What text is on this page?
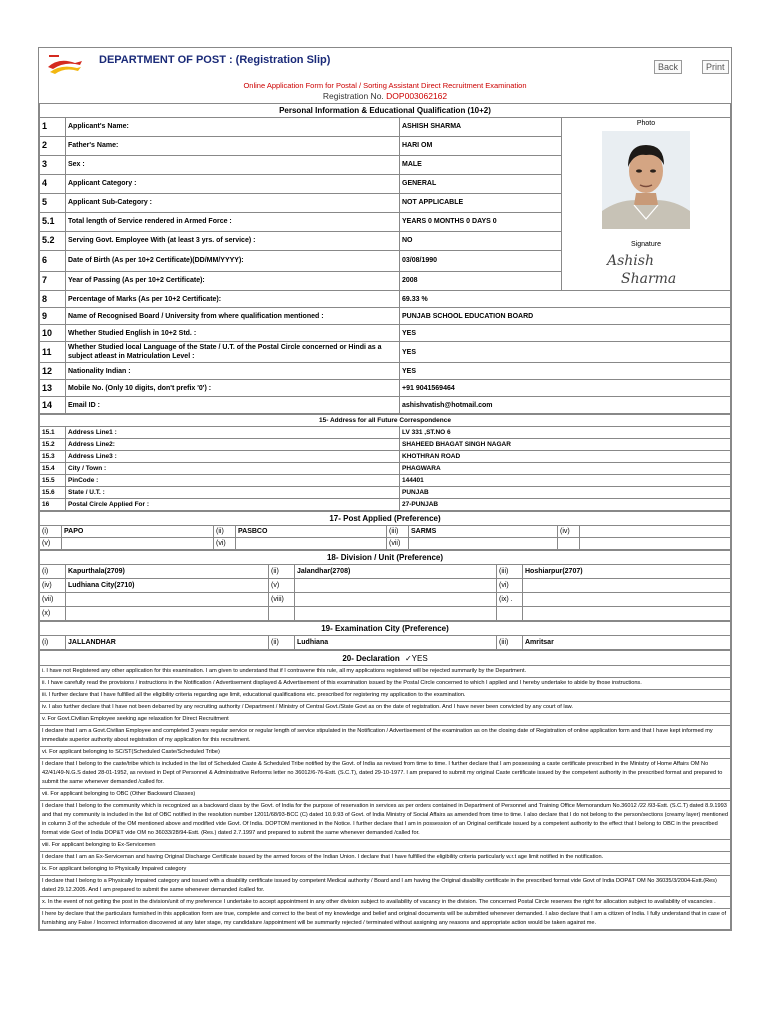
DEPARTMENT OF POST : (Registration Slip)
Back	Print
Online Application Form for Postal / Sorting Assistant Direct Recruitment Examination
Registration No. DOP003062162
Personal Information & Educational Qualification (10+2)			
1	Applicant's Name:	ASHISH SHARMA	Photo
Signature
Ashish
Sharma

2	Father's Name:	HARI OM	
3	Sex :	MALE	
4	Applicant Category :	GENERAL	
5	Applicant Sub-Category :	NOT APPLICABLE	
5.1	Total length of Service rendered in Armed Force :	YEARS 0 MONTHS 0 DAYS 0	
5.2	Serving Govt. Employee With (at least 3 yrs. of service) :	NO	
6	Date of Birth (As per 10+2 Certificate)(DD/MM/YYYY):	03/08/1990	
7	Year of Passing (As per 10+2 Certificate):	2008	
8	Percentage of Marks (As per 10+2 Certificate):	69.33 %	
9	Name of Recognised Board / University from where qualification mentioned :	PUNJAB SCHOOL EDUCATION BOARD	
10	Whether Studied English in 10+2 Std. :	YES	
11	Whether Studied local Language of the State / U.T. of the Postal Circle concerned or Hindi as a subject atleast in Matriculation Level :	YES	
12	Nationality Indian :	YES	
13	Mobile No. (Only 10 digits, don't prefix '0') :	+91 9041569464	
14	Email ID :	ashishvatish@hotmail.com	
15- Address for all Future Correspondence		
15.1	Address Line1 :	LV 331 ,ST.NO 6
15.2	Address Line2:	SHAHEED BHAGAT SINGH NAGAR
15.3	Address Line3 :	KHOTHRAN ROAD
15.4	City / Town :	PHAGWARA
15.5	PinCode :	144401
15.6	State / U.T. :	PUNJAB
16	Postal Circle Applied For :	27-PUNJAB
17- Post Applied (Preference)							
(i)	PAPO	(ii)	PASBCO	(iii)	SARMS	(iv)	
(v)		(vi)		(vii)			
18- Division / Unit (Preference)					
(i)	Kapurthala(2709)	(ii)	Jalandhar(2708)	(iii)	Hoshiarpur(2707)
(iv)	Ludhiana City(2710)	(v)		(vi)	
(vii)		(viii)		(ix) .	
(x)					
19- Examination City (Preference)
(i)	JALLANDHAR	(ii)	Ludhiana	(iii)	Amritsar
20- Declaration ✓YES
i. I have not Registered any other application for this examination. I am given to understand that if I contravene this rule, all my applications registered will be rejected summarily by the Department.
ii. I have carefully read the provisions / instructions in the Notification / Advertisement displayed & Advertisement of this examination issued by the Postal Circle concerned to which I applied and I hereby undertake to abide by those instructions.
iii. I further declare that I have fulfilled all the eligibility criteria regarding age limit, educational qualifications etc. prescribed for registering my application to the examination.
iv. I also further declare that I have not been debarred by any recruiting authority / Department / Ministry of Central Govt./State Govt as on the date of registration. And I have never been convicted by any court of law.
v. For Govt.Civilian Employee seeking age relaxation for Direct Recruitment
I declare that I am a Govt.Civilian Employee and completed 3 years regular service or regular length of service stipulated in the Notification / Advertisement of the examination as on the closing date of Registration of online application form and that I have kept informed my immediate superior authority about registration of my application for this recruitment.
vi. For applicant belonging to SC/ST(Scheduled Caste/Scheduled Tribe)
I declare that I belong to the caste/tribe which is included in the list of Scheduled Caste & Scheduled Tribe notified by the Govt. of India as revised from time to time. I further declare that I am possessing a caste certificate prescribed in the Ministry of Home Affairs OM No 42/41/49-N.G.S dated 28-01-1952, as revised in Dept of Personnel & Administrative Reforms letter no 36012/6-76-Estt. (S.C.T), dated 29-10-1977. I am prepared to submit my original Caste certificate issued by the competent authority in the prescribed format and prepared to submit the same whenever demanded /called for.
vii. For applicant belonging to OBC (Other Backward Classes)
I declare that I belong to the community which is recognized as a backward class by the Govt. of India for the purpose of reservation in services as per orders contained in Department of Personnel and Training Office Memorandum No.36012 /22 /93-Estt. (S.C.T) dated 8.9.1993 and that my community is included in the list of OBC notified in the resolution number 12011/68/93-BCC (C) dated 10.9.93 of Govt. of India Ministry of Social Affairs as amended from time to time. I also declare that I do not belong to the person/sections (creamy layer) mentioned in column 3 of the schedule of the OM mentioned above and modified vide Govt. Of India. DOPTOM mentioned in the Notice. I further declare that I am in possession of an Original certificate issued by a competent authority to the effect that I belong to OBC in the prescribed format vide Govt of India DOP&T vide OM no 36033/28/94-Estt. (Res.) dated 2.7.1997 and prepared to submit the same whenever demanded /called for.
viii. For applicant belonging to Ex-Servicemen
I declare that I am an Ex-Serviceman and having Original Discharge Certificate issued by the armed forces of the Indian Union. I declare that I have fulfilled the eligibility criteria particularly w.r.t age limit notified in the notification.
ix. For applicant belonging to Physically Impaired category
I declare that I belong to a Physically Impaired category and issued with a disability certificate issued by competent Medical authority / Board and I am having the Original disability certificate in the prescribed format vide Govt of India DOP&T OM No 36035/3/2004-Estt.(Res) dated 29.12.2005. And I am prepared to submit the same whenever demanded /called for.
x. In the event of not getting the post in the division/unit of my preference I undertake to accept appointment in any other division subject to availability of vacancy in the division. The concerned Postal Circle reserves the right for allocation subject to availability of vacancies .
I here by declare that the particulars furnished in this application form are true, complete and correct to the best of my knowledge and belief and original documents will be submitted whenever demanded. I also declare that I am a citizen of India. I fully understand that in case of furnishing any False / Incorrect information discovered at any later stage, my candidature /appointment will be summarily rejected / terminated without assigning any reasons and appropriate action would be taken against me.
